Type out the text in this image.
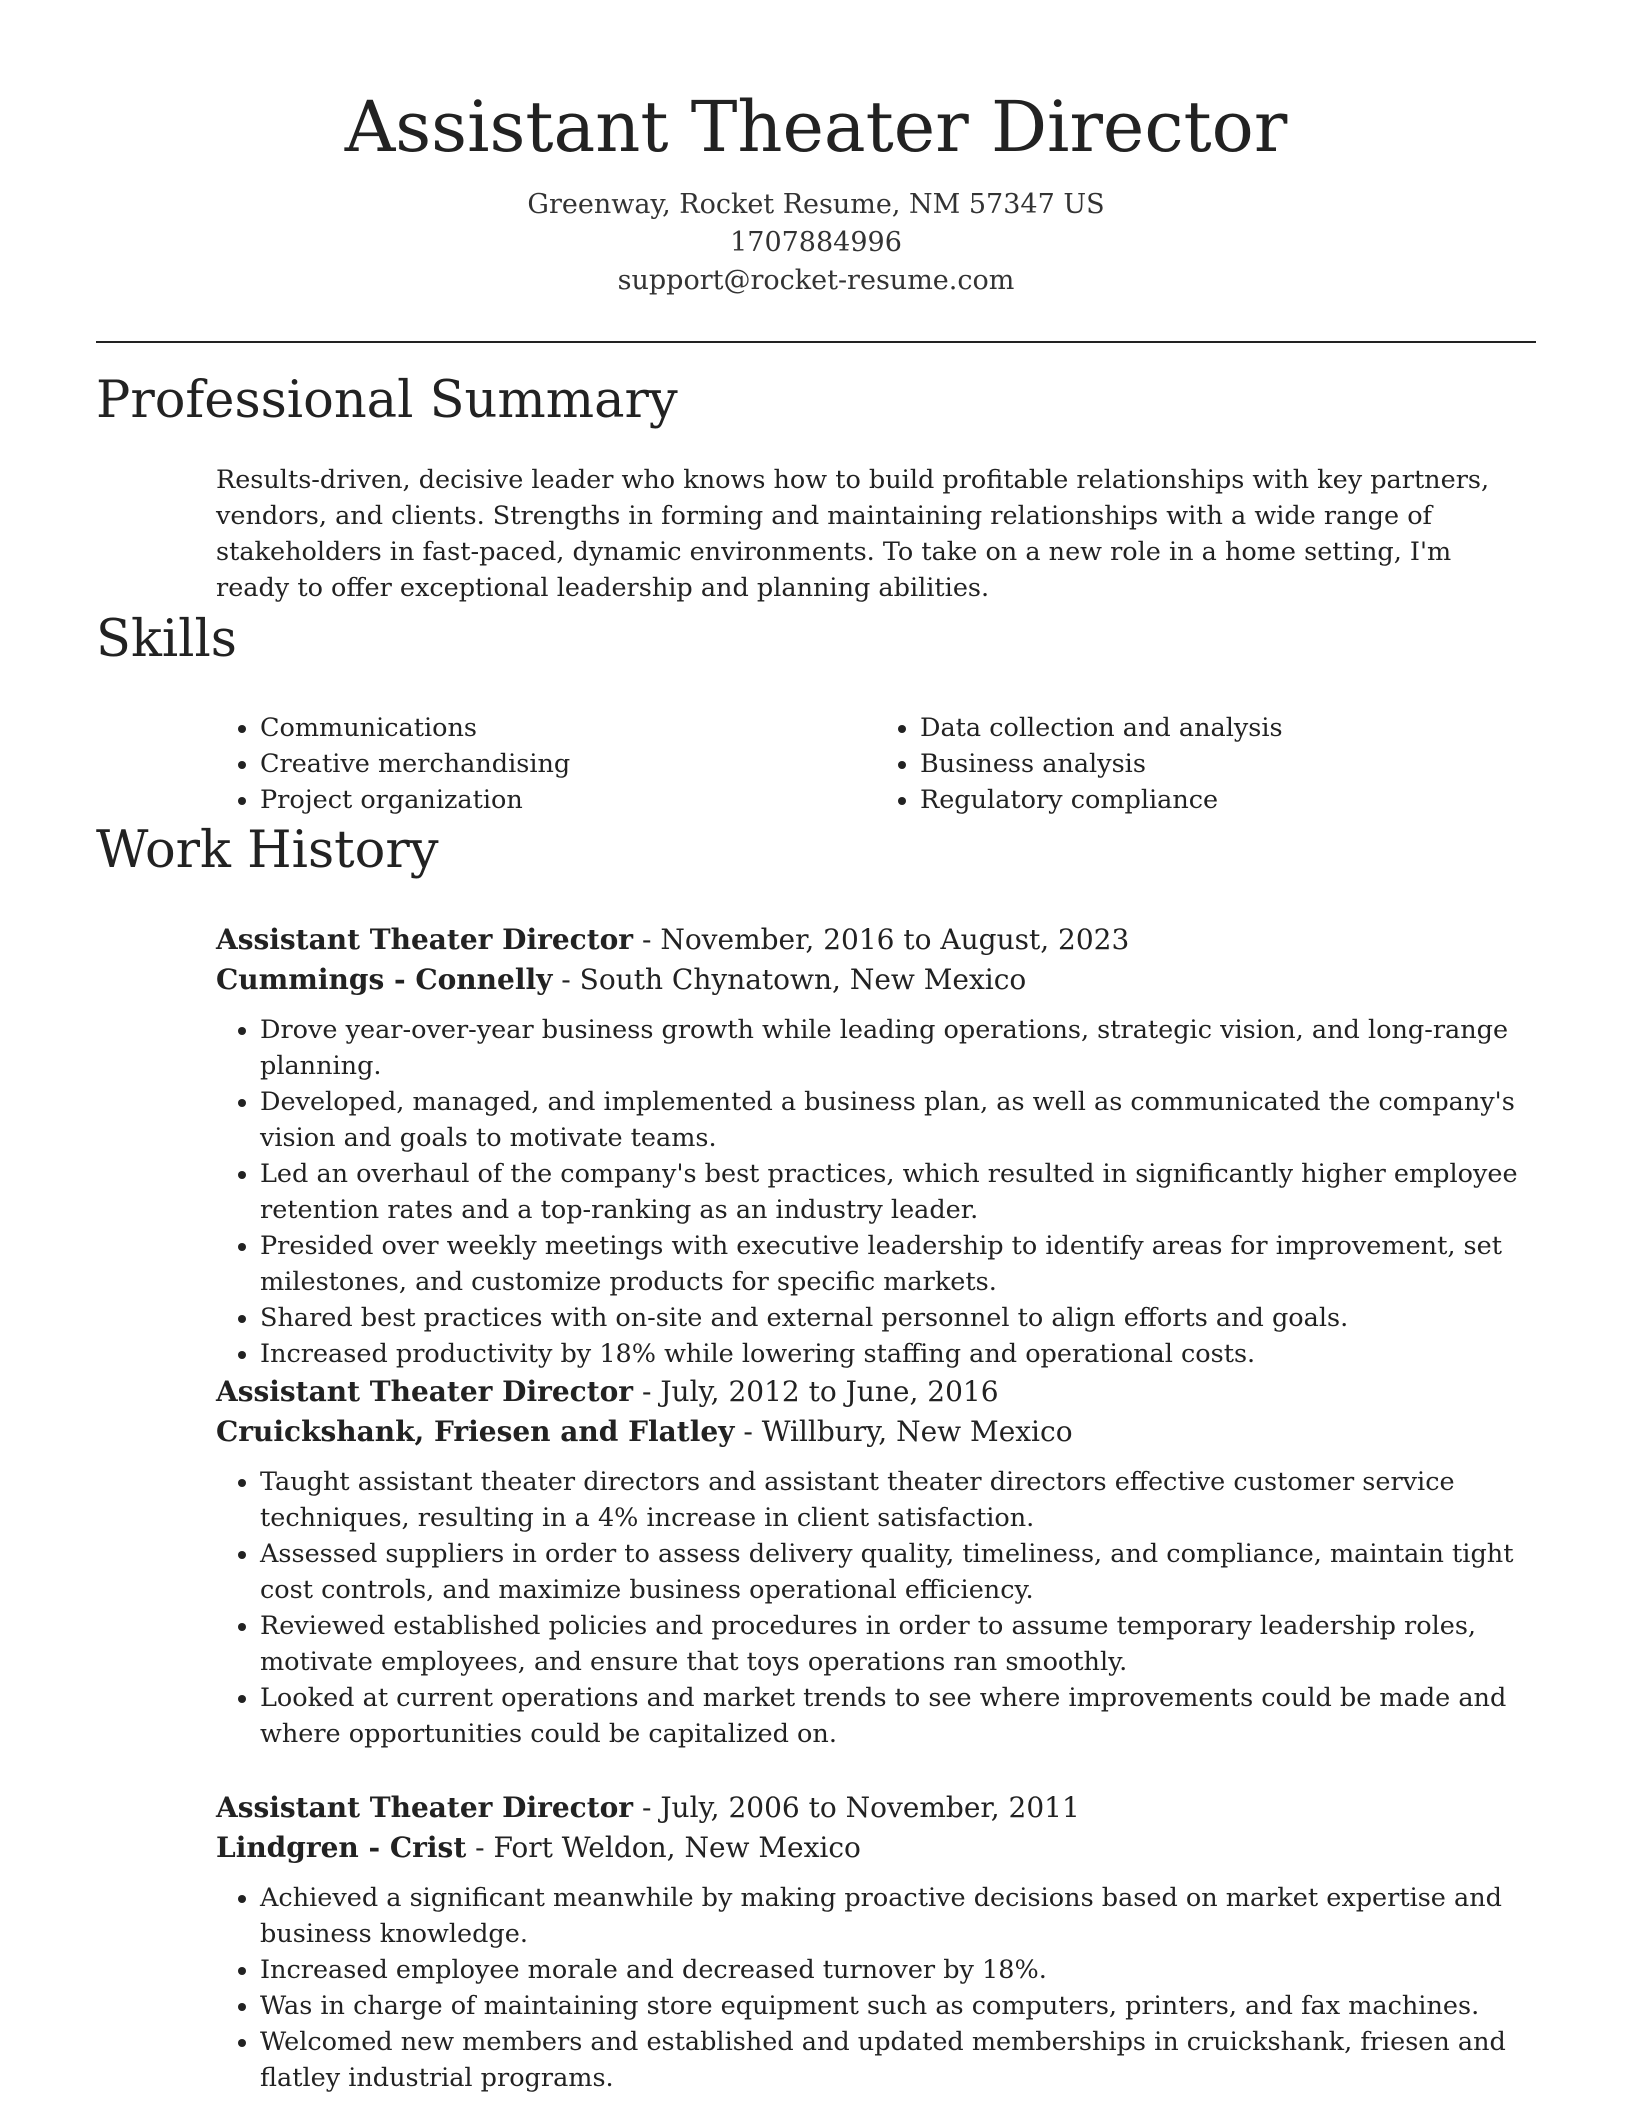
Assistant Theater Director
Greenway, Rocket Resume, NM 57347 US
1707884996
support@rocket-resume.com
Professional Summary

Results-driven, decisive leader who knows how to build profitable relationships with key partners, vendors, and clients. Strengths in forming and maintaining relationships with a wide range of stakeholders in fast-paced, dynamic environments. To take on a new role in a home setting, I'm ready to offer exceptional leadership and planning abilities.

Skills
• Communications
• Creative merchandising
• Project organization
• Data collection and analysis
• Business analysis
• Regulatory compliance
Work History
Assistant Theater Director - November, 2016 to August, 2023
Cummings - Connelly - South Chynatown, New Mexico
• Drove year-over-year business growth while leading operations, strategic vision, and long-range planning.
• Developed, managed, and implemented a business plan, as well as communicated the company's vision and goals to motivate teams.
• Led an overhaul of the company's best practices, which resulted in significantly higher employee retention rates and a top-ranking as an industry leader.
• Presided over weekly meetings with executive leadership to identify areas for improvement, set milestones, and customize products for specific markets.
• Shared best practices with on-site and external personnel to align efforts and goals.
• Increased productivity by 18% while lowering staffing and operational costs.
Assistant Theater Director - July, 2012 to June, 2016
Cruickshank, Friesen and Flatley - Willbury, New Mexico
• Taught assistant theater directors and assistant theater directors effective customer service techniques, resulting in a 4% increase in client satisfaction.
• Assessed suppliers in order to assess delivery quality, timeliness, and compliance, maintain tight cost controls, and maximize business operational efficiency.
• Reviewed established policies and procedures in order to assume temporary leadership roles, motivate employees, and ensure that toys operations ran smoothly.
• Looked at current operations and market trends to see where improvements could be made and where opportunities could be capitalized on.
Assistant Theater Director - July, 2006 to November, 2011
Lindgren - Crist - Fort Weldon, New Mexico
• Achieved a significant meanwhile by making proactive decisions based on market expertise and business knowledge.
• Increased employee morale and decreased turnover by 18%.
• Was in charge of maintaining store equipment such as computers, printers, and fax machines.
• Welcomed new members and established and updated memberships in cruickshank, friesen and flatley industrial programs.
